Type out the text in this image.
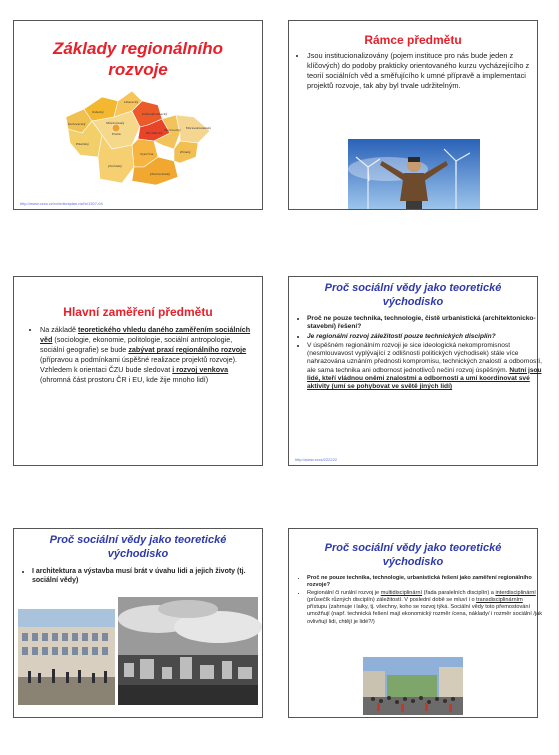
Základy regionálního
rozvoje
Praha
Středočeský
Ústecký
Liberecký
Královéhradecký
Karlovarský
Plzeňský
Jihočeský
Vysočina
Pardubický
Jihomoravský
Olomoucký
Zlínský
Moravskoslezský
http://www.czso.cz/xx/edicniplan.nsf/o/1307-04
Rámce předmětu
• Jsou institucionalizovány (pojem instituce pro nás bude jeden z klíčových) do podoby prakticky orientovaného kurzu vycházejícího z teorií sociálních věd a směřujícího k umné přípravě a implementaci projektů rozvoje, tak aby byl trvale udržitelným.
Hlavní zaměření předmětu
• Na základě teoretického vhledu daného zaměřením sociálních věd (sociologie, ekonomie, politologie, sociální antropologie, sociální geografie) se bude zabývat praxí regionálního rozvoje (přípravou a podmínkami úspěšné realizace projektů rozvoje). Vzhledem k orientaci ČZU bude sledovat i rozvoj venkova (ohromná část prostoru ČR i EU, kde žije mnoho lidí)
Proč sociální vědy jako teoretické
východisko
• Proč ne pouze technika, technologie, čistě urbanistická (architektonicko-stavební) řešení?
• Je regionální rozvoj záležitostí pouze technických disciplín?
• V úspěšném regionálním rozvoji je sice ideologická nekompromisnost (nesmlouvavost vyplývající z odlišnosti politických východisek) stále více nahrazována uznáním přednosti kompromisu, technických znalostí a odborností, ale sama technika ani odbornost jednotlivců nečiní rozvoj úspěšným. Nutní jsou lidé, kteří vládnou oněmi znalostmi a odborností a umí koordinovat své aktivity (umí se pohybovat ve světě jiných lidí)
http://www.xxxx/222222
Proč sociální vědy jako teoretické
východisko
• I architektura a výstavba musí brát v úvahu lidi a jejich životy (tj. sociální vědy)
Proč sociální vědy jako teoretické
východisko
• Proč ne pouze technika, technologie, urbanistická řešení jako zaměření regionálního rozvoje?
• Regionální či rurální rozvoj je multidisciplinární (řada paralelních disciplín) a interdisciplinární (průsečík různých disciplín) záležitostí. V poslední době se mluví i o transdisciplinárním přístupu (zahrnuje i laiky, tj. všechny, koho se rozvoj týká. Sociální vědy toto přemostování umožňují (např. technická řešení mají ekonomický rozměr /cena, náklady/ i rozměr sociální /jak ovlivňují lidi, chtějí je lidé?/)
